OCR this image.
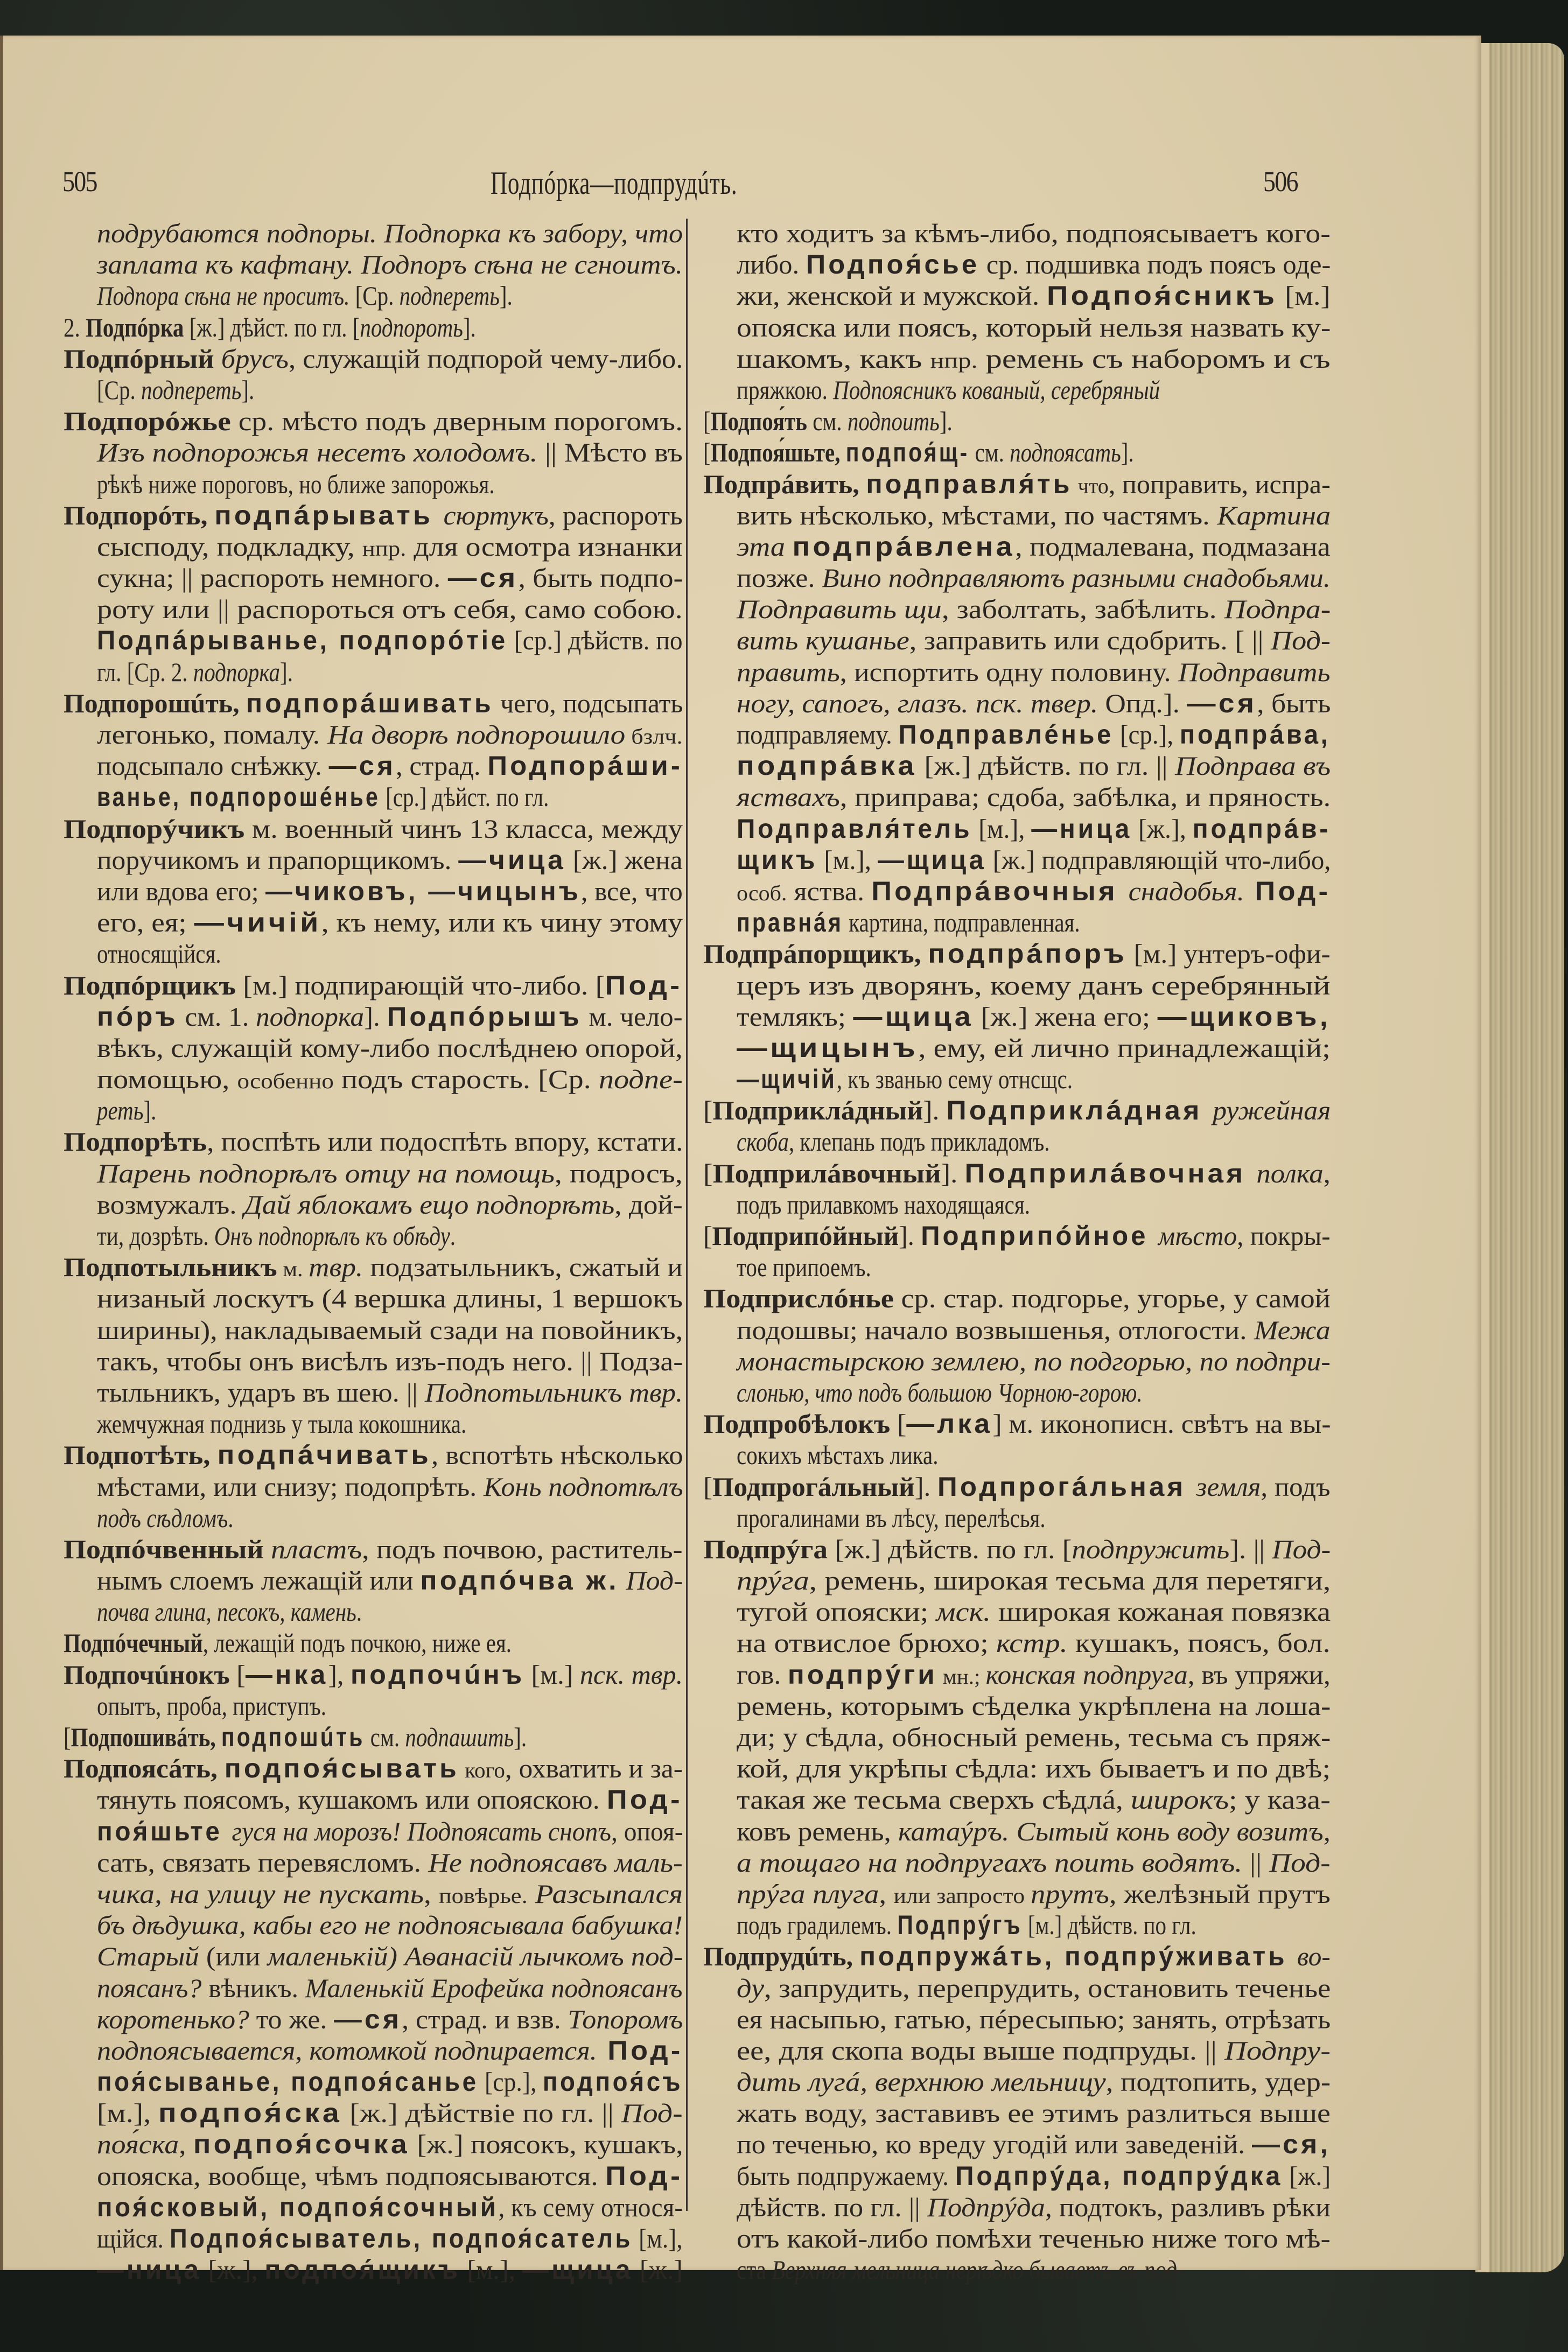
505	Подпóрка—подпрудúть.	506
подрубаются подпоры. Подпорка къ забору, что
заплата къ кафтану. Подпоръ сѣна не сгноитъ.
Подпора сѣна не проситъ. [Ср. подпереть].
2. Подпóрка [ж.] дѣйст. по гл. [подпороть].
Подпóрный брусъ, служащій подпорой чему-либо.
[Ср. подпереть].
Подпорóжье ср. мѣсто подъ дверным порогомъ.
Изъ подпорожья несетъ холодомъ. || Мѣсто въ
рѣкѣ ниже пороговъ, но ближе запорожья.
Подпорóть, подпáрывать сюртукъ, распороть
сысподу, подкладку, нпр. для осмотра изнанки
сукна; || распороть немного. —ся, быть подпо-
роту или || распороться отъ себя, само собою.
Подпáрыванье, подпорóтіе [ср.] дѣйств. по
гл. [Ср. 2. подпорка].
Подпорошúть, подпорáшивать чего, подсыпать
легонько, помалу. На дворѣ подпорошило бзлч.
подсыпало снѣжку. —ся, страд. Подпорáши-
ванье, подпорошéнье [ср.] дѣйст. по гл.
Подпорýчикъ м. военный чинъ 13 класса, между
поручикомъ и прапорщикомъ. —чица [ж.] жена
или вдова его; —чиковъ, —чицынъ, все, что
его, ея; —чичій, къ нему, или къ чину этому
относящійся.
Подпóрщикъ [м.] подпирающій что-либо. [Под-
пóръ см. 1. подпорка]. Подпóрышъ м. чело-
вѣкъ, служащій кому-либо послѣднею опорой,
помощью, особенно подъ старость. [Ср. подпе-
реть].
Подпорѣть, поспѣть или подоспѣть впору, кстати.
Парень подпорѣлъ отцу на помощь, подросъ,
возмужалъ. Дай яблокамъ ещо подпорѣть, дой-
ти, дозрѣть. Онъ подпорѣлъ къ обѣду.
Подпотыльникъ м. твр. подзатыльникъ, сжатый и
низаный лоскутъ (4 вершка длины, 1 вершокъ
ширины), накладываемый сзади на повойникъ,
такъ, чтобы онъ висѣлъ изъ-подъ него. || Подза-
тыльникъ, ударъ въ шею. || Подпотыльникъ твр.
жемчужная поднизь у тыла кокошника.
Подпотѣть, подпáчивать, вспотѣть нѣсколько
мѣстами, или снизу; подопрѣть. Конь подпотѣлъ
подъ сѣдломъ.
Подпóчвенный пластъ, подъ почвою, раститель-
нымъ слоемъ лежащій или подпóчва ж. Под-
почва глина, песокъ, камень.
Подпóчечный, лежащій подъ почкою, ниже ея.
Подпочúнокъ [—нка], подпочúнъ [м.] пск. твр.
опытъ, проба, приступъ.
[Подпошивáть, подпошúть см. подпашить].
Подпоясáть, подпоя́сывать кого, охватить и за-
тянуть поясомъ, кушакомъ или опояскою. Под-
поя́шьте гуся на морозъ! Подпоясать снопъ, опоя-
сать, связать перевясломъ. Не подпоясавъ маль-
чика, на улицу не пускать, повѣрье. Разсыпался
бъ дѣдушка, кабы его не подпоясывала бабушка!
Старый (или маленькій) Аѳанасій лычкомъ под-
поясанъ? вѣникъ. Маленькій Ерофейка подпоясанъ
коротенько? то же. —ся, страд. и взв. Топоромъ
подпоясывается, котомкой подпирается. Под-
поя́сыванье, подпоя́санье [ср.], подпоя́съ
[м.], подпоя́ска [ж.] дѣйствіе по гл. || Под-
поя́ска, подпоя́сочка [ж.] поясокъ, кушакъ,
опояска, вообще, чѣмъ подпоясываются. Под-
поя́сковый, подпоя́сочный, къ сему относя-
щійся. Подпоя́сыватель, подпоя́сатель [м.],
—ница [ж.], подпоя́щикъ [м.], —щица [ж.]
кто ходитъ за кѣмъ-либо, подпоясываетъ кого-
либо. Подпоя́сье ср. подшивка подъ поясъ оде-
жи, женской и мужской. Подпоя́сникъ [м.]
опояска или поясъ, который нельзя назвать ку-
шакомъ, какъ нпр. ремень съ наборомъ и съ
пряжкою. Подпоясникъ кованый, серебряный
[Подпоя́ть см. подпоить].
[Подпоя́шьте, подпоя́щ- см. подпоясать].
Подпрáвить, подправля́ть что, поправить, испра-
вить нѣсколько, мѣстами, по частямъ. Картина
эта подпрáвлена, подмалевана, подмазана
позже. Вино подправляютъ разными снадобьями.
Подправить щи, заболтать, забѣлить. Подпра-
вить кушанье, заправить или сдобрить. [ || Под-
править, испортить одну половину. Подправить
ногу, сапогъ, глазъ. пск. твер. Опд.]. —ся, быть
подправляему. Подправлéнье [ср.], подпрáва,
подпрáвка [ж.] дѣйств. по гл. || Подправа въ
яствахъ, приправа; сдоба, забѣлка, и пряность.
Подправля́тель [м.], —ница [ж.], подпрáв-
щикъ [м.], —щица [ж.] подправляющій что-либо,
особ. яства. Подпрáвочныя снадобья. Под-
правнáя картина, подправленная.
Подпрáпорщикъ, подпрáпоръ [м.] унтеръ-офи-
церъ изъ дворянъ, коему данъ серебрянный
темлякъ; —щица [ж.] жена его; —щиковъ,
—щицынъ, ему, ей лично принадлежащій;
—щичій, къ званью сему отнсщс.
[Подприклáдный]. Подприклáдная ружейная
скоба, клепань подъ прикладомъ.
[Подприлáвочный]. Подприлáвочная полка,
подъ прилавкомъ находящаяся.
[Подприпóйный]. Подприпóйное мѣсто, покры-
тое припоемъ.
Подприслóнье ср. стар. подгорье, угорье, у самой
подошвы; начало возвышенья, отлогости. Межа
монастырскою землею, по подгорью, по подпри-
слонью, что подъ большою Чорною-горою.
Подпробѣлокъ [—лка] м. иконописн. свѣтъ на вы-
сокихъ мѣстахъ лика.
[Подпрогáльный]. Подпрогáльная земля, подъ
прогалинами въ лѣсу, перелѣсья.
Подпрýга [ж.] дѣйств. по гл. [подпружить]. || Под-
прýга, ремень, широкая тесьма для перетяги,
тугой опояски; мск. широкая кожаная повязка
на отвислое брюхо; кстр. кушакъ, поясъ, бол.
гов. подпрýги мн.; конская подпруга, въ упряжи,
ремень, которымъ сѣделка укрѣплена на лоша-
ди; у сѣдла, обносный ремень, тесьма съ пряж-
кой, для укрѣпы сѣдла: ихъ бываетъ и по двѣ;
такая же тесьма сверхъ сѣдлá, широкъ; у каза-
ковъ ремень, катаýръ. Сытый конь воду возитъ,
а тощаго на подпругахъ поить водятъ. || Под-
прýга плуга, или запросто прутъ, желѣзный прутъ
подъ градилемъ. Подпрýгъ [м.] дѣйств. по гл.
Подпрудúть, подпружáть, подпрýживать во-
ду, запрудить, перепрудить, остановить теченье
ея насыпью, гатью, пéресыпью; занять, отрѣзать
ее, для скопа воды выше подпруды. || Подпру-
дить лугá, верхнюю мельницу, подтопить, удер-
жать воду, заставивъ ее этимъ разлиться выше
по теченью, ко вреду угодій или заведеній. —ся,
быть подпружаему. Подпрýда, подпрýдка [ж.]
дѣйств. по гл. || Подпрýда, подтокъ, разливъ рѣки
отъ какой-либо помѣхи теченью ниже того мѣ-
ста Верхняя мельница нерѣдко бываетъ въ под-
